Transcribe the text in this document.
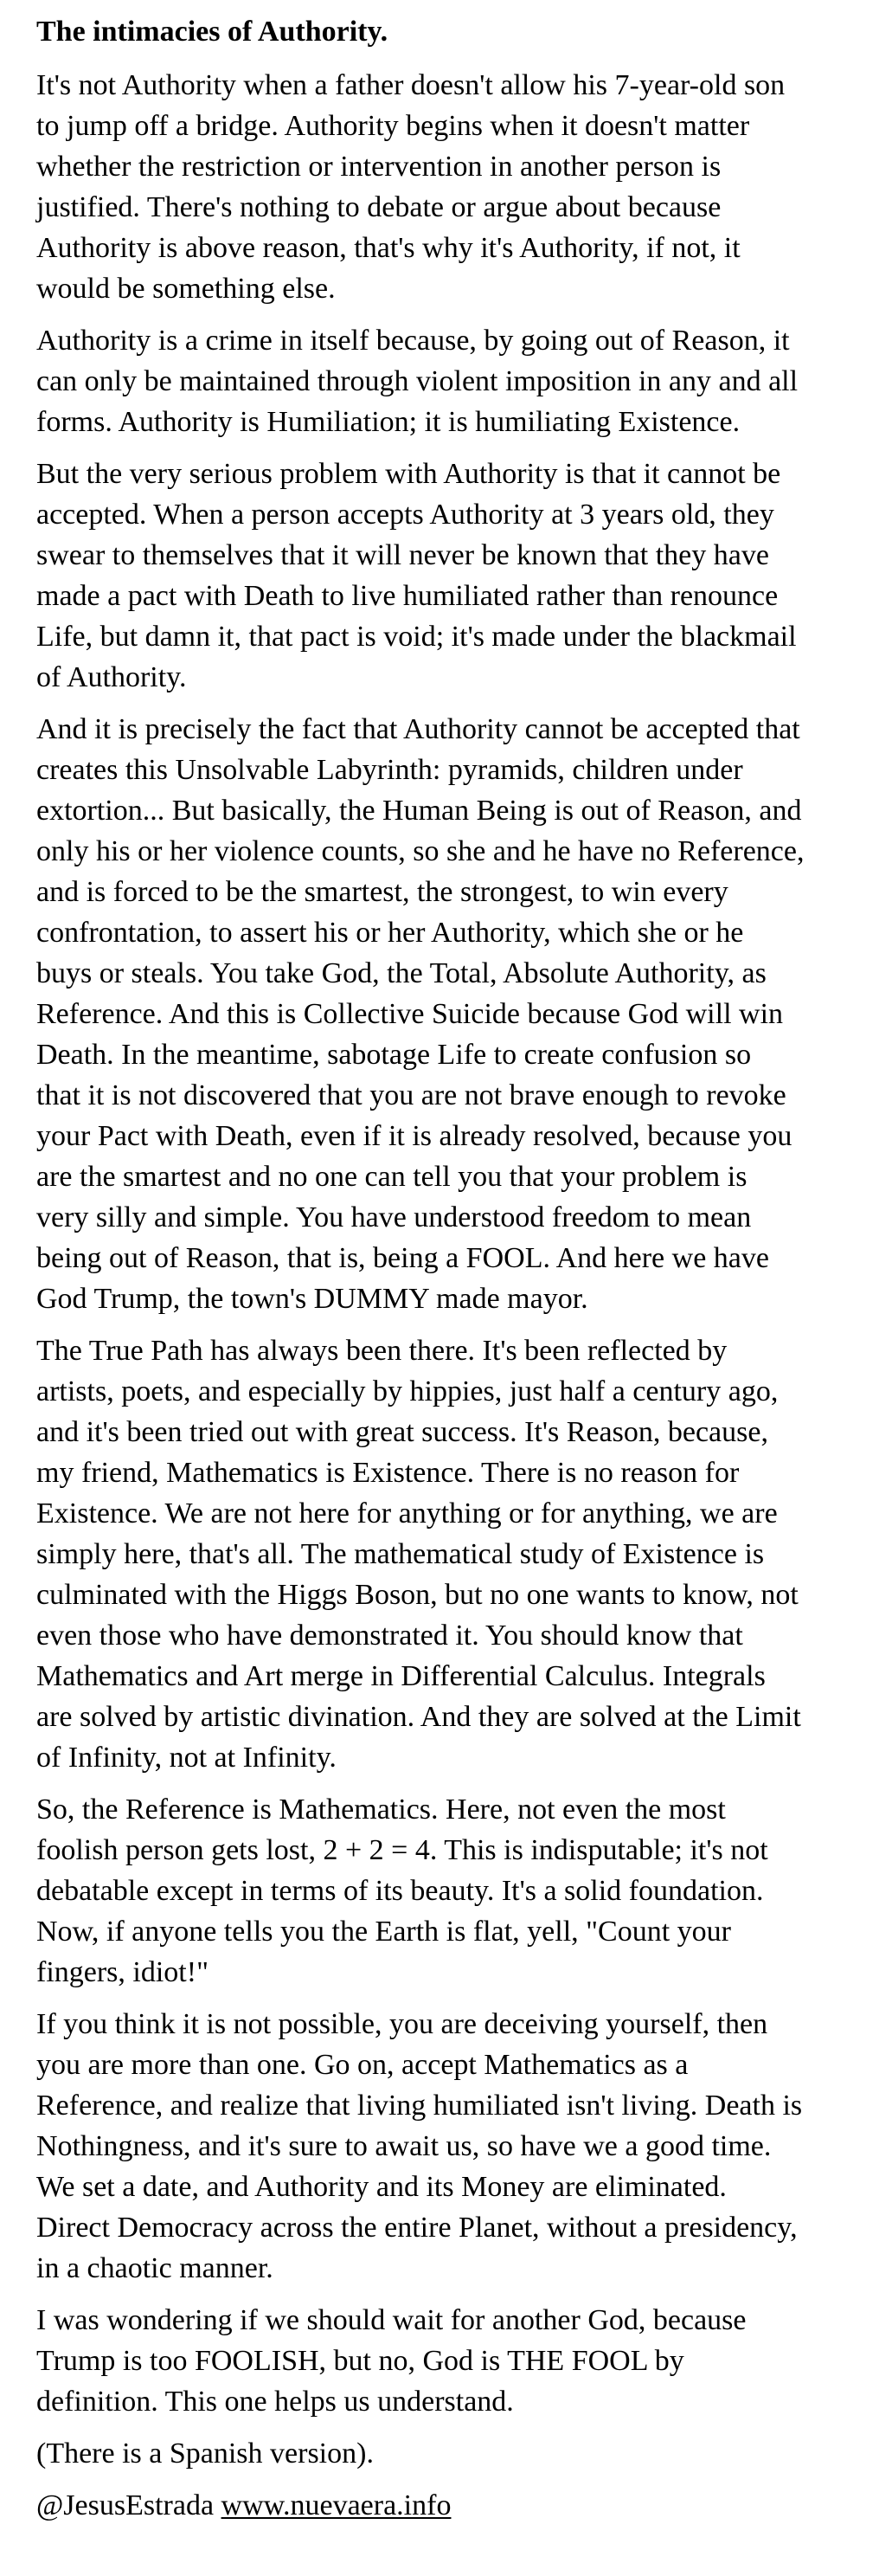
The intimacies of Authority.

It's not Authority when a father doesn't allow his 7-year-old son
to jump off a bridge. Authority begins when it doesn't matter
whether the restriction or intervention in another person is
justified. There's nothing to debate or argue about because
Authority is above reason, that's why it's Authority, if not, it
would be something else.

Authority is a crime in itself because, by going out of Reason, it
can only be maintained through violent imposition in any and all
forms. Authority is Humiliation; it is humiliating Existence.

But the very serious problem with Authority is that it cannot be
accepted. When a person accepts Authority at 3 years old, they
swear to themselves that it will never be known that they have
made a pact with Death to live humiliated rather than renounce
Life, but damn it, that pact is void; it's made under the blackmail
of Authority.

And it is precisely the fact that Authority cannot be accepted that
creates this Unsolvable Labyrinth: pyramids, children under
extortion... But basically, the Human Being is out of Reason, and
only his or her violence counts, so she and he have no Reference,
and is forced to be the smartest, the strongest, to win every
confrontation, to assert his or her Authority, which she or he
buys or steals. You take God, the Total, Absolute Authority, as
Reference. And this is Collective Suicide because God will win
Death. In the meantime, sabotage Life to create confusion so
that it is not discovered that you are not brave enough to revoke
your Pact with Death, even if it is already resolved, because you
are the smartest and no one can tell you that your problem is
very silly and simple. You have understood freedom to mean
being out of Reason, that is, being a FOOL. And here we have
God Trump, the town's DUMMY made mayor.

The True Path has always been there. It's been reflected by
artists, poets, and especially by hippies, just half a century ago,
and it's been tried out with great success. It's Reason, because,
my friend, Mathematics is Existence. There is no reason for
Existence. We are not here for anything or for anything, we are
simply here, that's all. The mathematical study of Existence is
culminated with the Higgs Boson, but no one wants to know, not
even those who have demonstrated it. You should know that
Mathematics and Art merge in Differential Calculus. Integrals
are solved by artistic divination. And they are solved at the Limit
of Infinity, not at Infinity.

So, the Reference is Mathematics. Here, not even the most
foolish person gets lost, 2 + 2 = 4. This is indisputable; it's not
debatable except in terms of its beauty. It's a solid foundation.
Now, if anyone tells you the Earth is flat, yell, "Count your
fingers, idiot!"

If you think it is not possible, you are deceiving yourself, then
you are more than one. Go on, accept Mathematics as a
Reference, and realize that living humiliated isn't living. Death is
Nothingness, and it's sure to await us, so have we a good time.
We set a date, and Authority and its Money are eliminated.
Direct Democracy across the entire Planet, without a presidency,
in a chaotic manner.

I was wondering if we should wait for another God, because
Trump is too FOOLISH, but no, God is THE FOOL by
definition. This one helps us understand.

(There is a Spanish version).

@JesusEstrada www.nuevaera.info
